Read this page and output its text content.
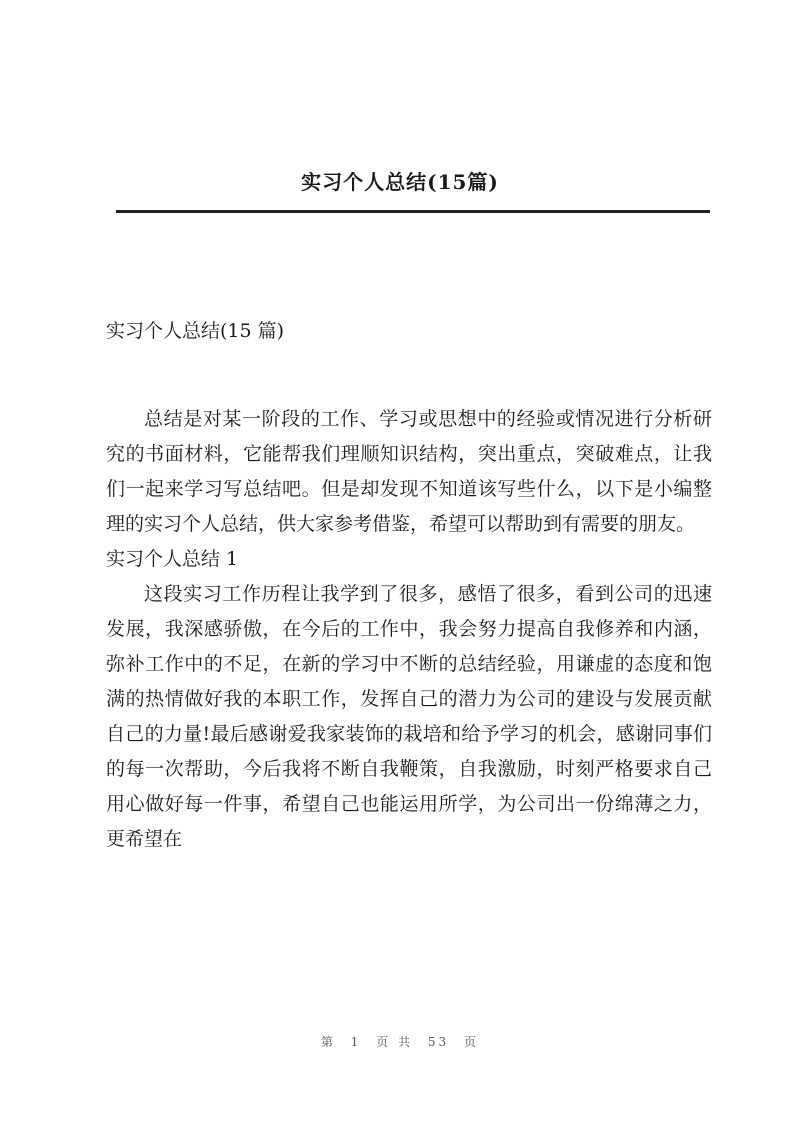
实习个人总结(15篇)

实习个人总结(15 篇)

总结是对某一阶段的工作、学习或思想中的经验或情况进行分析研究的书面材料，它能帮我们理顺知识结构，突出重点，突破难点，让我们一起来学习写总结吧。但是却发现不知道该写些什么，以下是小编整理的实习个人总结，供大家参考借鉴，希望可以帮助到有需要的朋友。

实习个人总结 1

这段实习工作历程让我学到了很多，感悟了很多，看到公司的迅速发展，我深感骄傲，在今后的工作中，我会努力提高自我修养和内涵，弥补工作中的不足，在新的学习中不断的总结经验，用谦虚的态度和饱满的热情做好我的本职工作，发挥自己的潜力为公司的建设与发展贡献自己的力量!最后感谢爱我家装饰的栽培和给予学习的机会，感谢同事们的每一次帮助，今后我将不断自我鞭策，自我激励，时刻严格要求自己用心做好每一件事，希望自己也能运用所学，为公司出一份绵薄之力，更希望在

第 1 页 共 53 页
